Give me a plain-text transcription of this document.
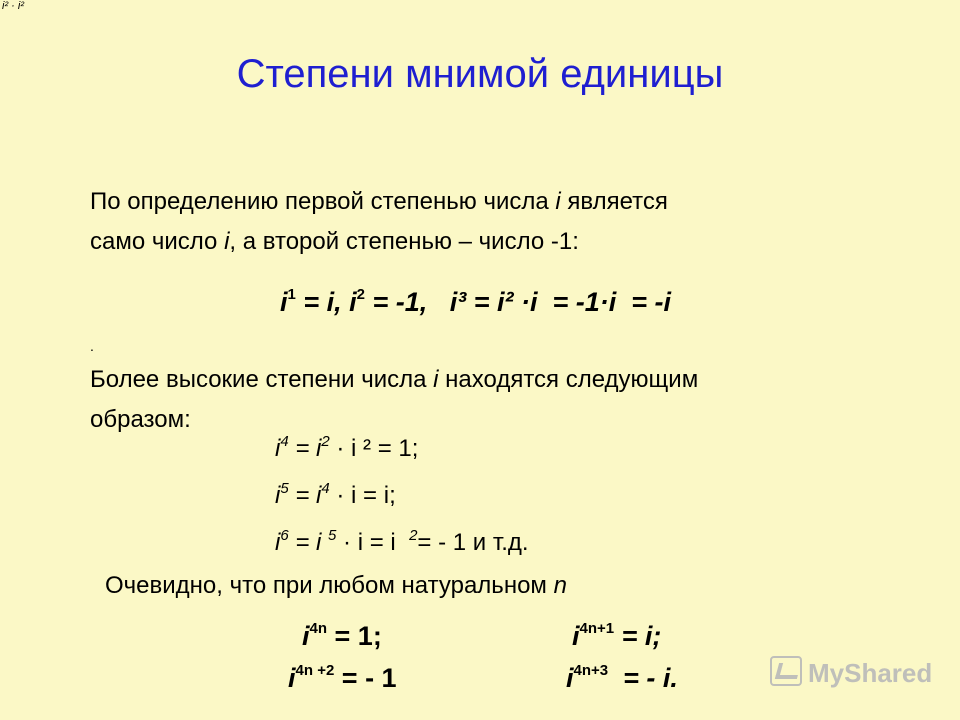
i² · i²
Степени мнимой единицы
По определению первой степенью числа i является
само число i, а второй степенью – число -1:
$i^1 = i$, $i^2 = -1$,   i³ = i² ·i  = -1·i  = -i
.
Более высокие степени числа i находятся следующим
образом:
$i^4 = i^2 \cdot i$ ² = 1;
$i^5 = i^4 \cdot i = i$;
$i^6 = i$ $^5$ · i = i  $^2$= - 1 и т.д.
Очевидно, что при любом натуральном n
$i^{4n} = 1$;	$i^{4n+1} = i$;
$i^{4n +2}$ = - 1	$i^{4n+3}$  = - i.	MyShared
